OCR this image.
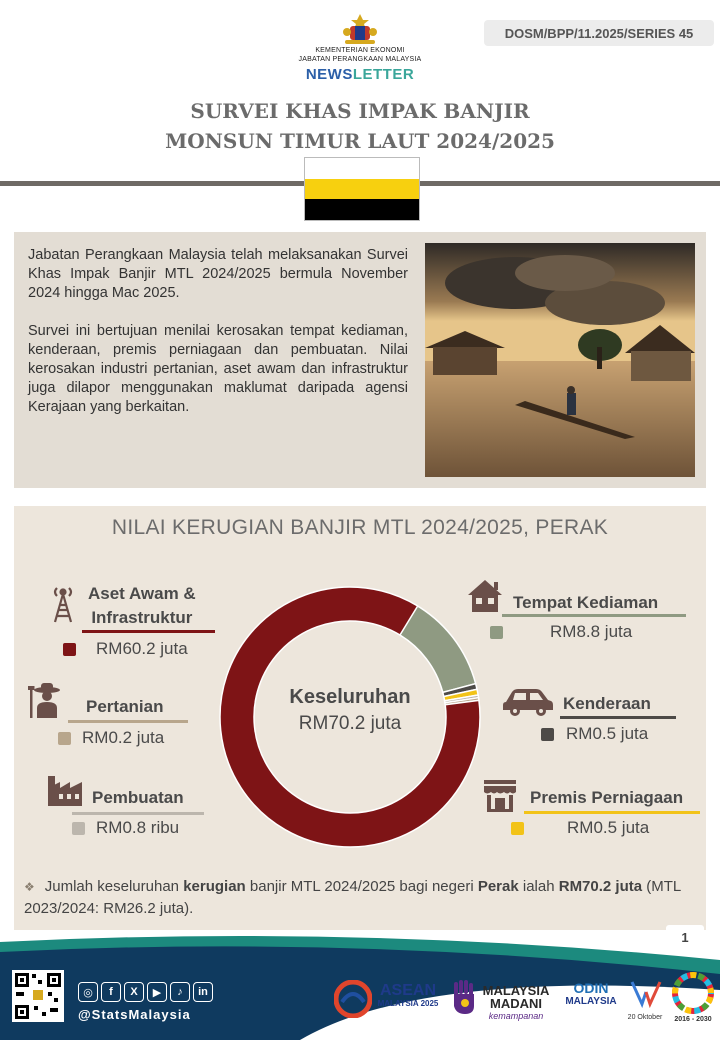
DOSM/BPP/11.2025/SERIES 45
KEMENTERIAN EKONOMI
JABATAN PERANGKAAN MALAYSIA
NEWSLETTER
SURVEI KHAS IMPAK BANJIR
MONSUN TIMUR LAUT 2024/2025

Jabatan Perangkaan Malaysia telah melaksanakan Survei Khas Impak Banjir MTL 2024/2025 bermula November 2024 hingga Mac 2025.

Survei ini bertujuan menilai kerosakan tempat kediaman, kenderaan, premis perniagaan dan pembuatan. Nilai kerosakan industri pertanian, aset awam dan infrastruktur juga dilapor menggunakan maklumat daripada agensi Kerajaan yang berkaitan.

NILAI KERUGIAN BANJIR MTL 2024/2025, PERAK
Keseluruhan
RM70.2 juta
Aset Awam &
Infrastruktur
RM60.2 juta
Pertanian
RM0.2 juta
Pembuatan
RM0.8 ribu
Tempat Kediaman
RM8.8 juta
Kenderaan
RM0.5 juta
Premis Perniagaan
RM0.5 juta
❖ Jumlah keseluruhan kerugian banjir MTL 2024/2025 bagi negeri Perak ialah RM70.2 juta (MTL 2023/2024: RM26.2 juta).
1
◎	f	X	▶	♪	in
@StatsMalaysia
ASEAN
MALAYSIA 2025
MALAYSIA
MADANI
kemampanan
ODIN
MALAYSIA
20 Oktober	2016 - 2030
